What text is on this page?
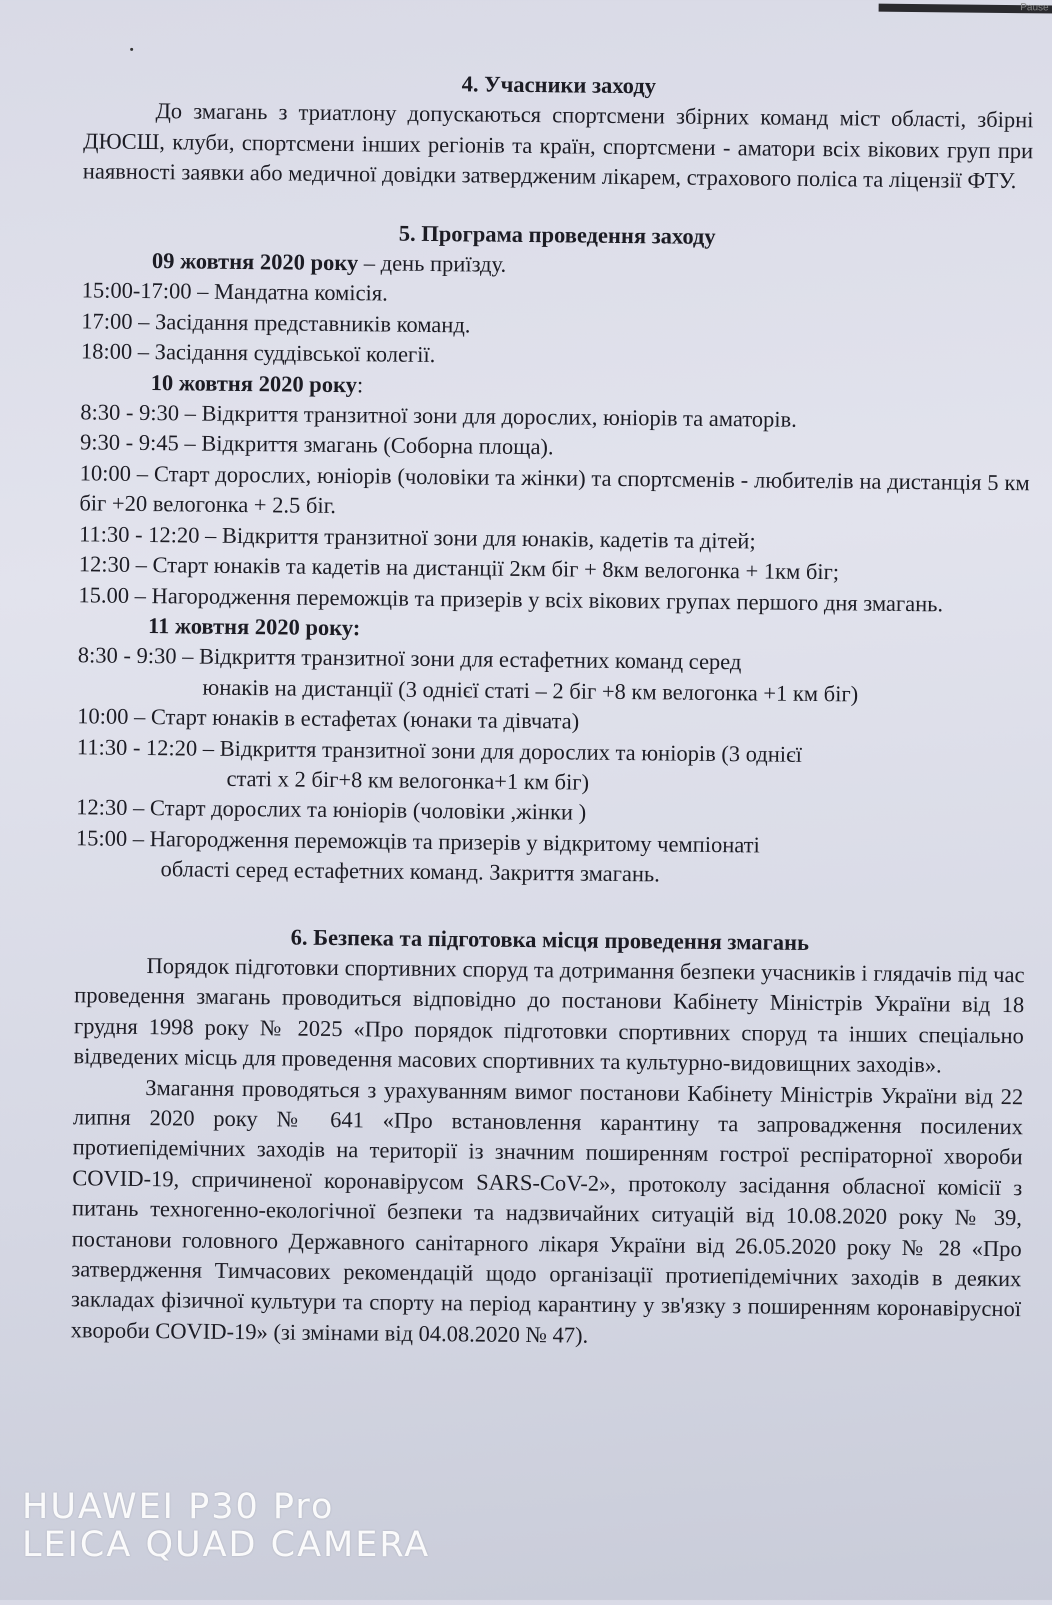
Pause
4. Учасники заходу

До змагань з триатлону допускаються спортсмени збірних команд міст області, збірні ДЮСШ, клуби, спортсмени інших регіонів та країн, спортсмени - аматори всіх вікових груп при наявності заявки або медичної довідки затвердженим лікарем, страхового поліса та ліцензії ФТУ.

5. Програма проведення заходу
09 жовтня 2020 року – день приїзду.
15:00-17:00 – Мандатна комісія.
17:00 – Засідання представників команд.
18:00 – Засідання суддівської колегії.
10 жовтня 2020 року:
8:30 - 9:30 – Відкриття транзитної зони для дорослих, юніорів та аматорів.
9:30 - 9:45 – Відкриття змагань (Соборна площа).

10:00 – Старт дорослих, юніорів (чоловіки та жінки) та спортсменів - любителів на дистанція 5 км біг +20 велогонка + 2.5 біг.

11:30 - 12:20 – Відкриття транзитної зони для юнаків, кадетів та дітей;
12:30 – Старт юнаків та кадетів на дистанції 2км біг + 8км велогонка + 1км біг;

15.00 – Нагородження переможців та призерів у всіх вікових групах першого дня змагань.

11 жовтня 2020 року:
8:30 - 9:30 – Відкриття транзитної зони для естафетних команд серед
юнаків на дистанції (3 однієї статі – 2 біг +8 км велогонка +1 км біг)
10:00 – Старт юнаків в естафетах (юнаки та дівчата)
11:30 - 12:20 – Відкриття транзитної зони для дорослих та юніорів (3 однієї
статі х 2 біг+8 км велогонка+1 км біг)
12:30 – Старт дорослих та юніорів (чоловіки ,жінки )
15:00 – Нагородження переможців та призерів у відкритому чемпіонаті
області серед естафетних команд. Закриття змагань.
6. Безпека та підготовка місця проведення змагань

Порядок підготовки спортивних споруд та дотримання безпеки учасників і глядачів під час проведення змагань проводиться відповідно до постанови Кабінету Міністрів України від 18 грудня 1998 року № 2025 «Про порядок підготовки спортивних споруд та інших спеціально відведених місць для проведення масових спортивних та культурно-видовищних заходів».

Змагання проводяться з урахуванням вимог постанови Кабінету Міністрів України від 22 липня 2020 року № 641 «Про встановлення карантину та запровадження посилених протиепідемічних заходів на території із значним поширенням гострої респіраторної хвороби COVID-19, спричиненої коронавірусом SARS-CoV-2», протоколу засідання обласної комісії з питань техногенно-екологічної безпеки та надзвичайних ситуацій від 10.08.2020 року № 39, постанови головного Державного санітарного лікаря України від 26.05.2020 року № 28 «Про затвердження Тимчасових рекомендацій щодо організації протиепідемічних заходів в деяких закладах фізичної культури та спорту на період карантину у зв'язку з поширенням коронавірусної хвороби COVID-19» (зі змінами від 04.08.2020 № 47).

HUAWEI P30 Pro
LEICA QUAD CAMERA
